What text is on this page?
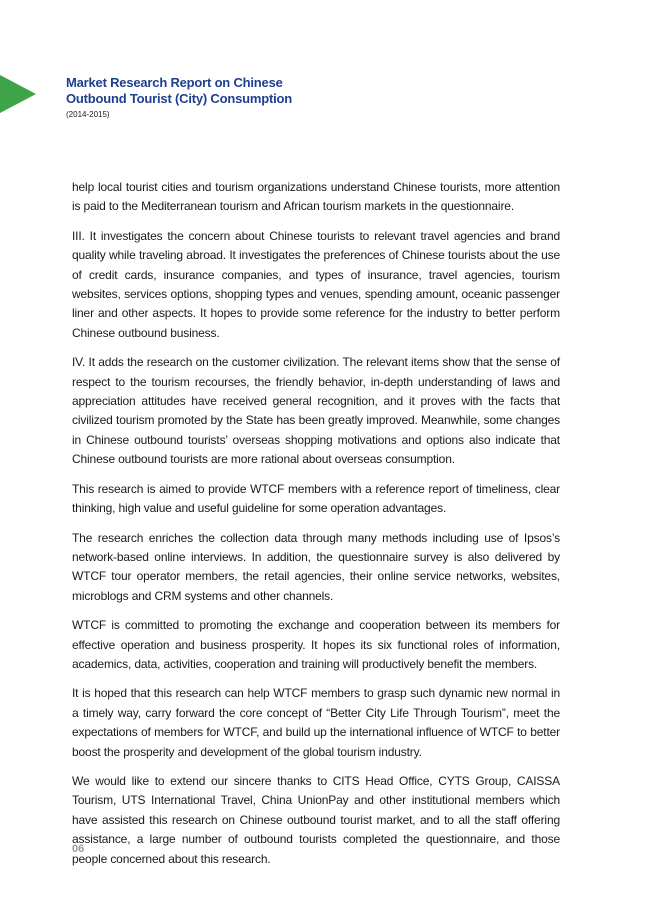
Market Research Report on Chinese
Outbound Tourist (City) Consumption

(2014-2015)

help local tourist cities and tourism organizations understand Chinese tourists, more attention is paid to the Mediterranean tourism and African tourism markets in the questionnaire.

III. It investigates the concern about Chinese tourists to relevant travel agencies and brand quality while traveling abroad. It investigates the preferences of Chinese tourists about the use of credit cards, insurance companies, and types of insurance, travel agencies, tourism websites, services options, shopping types and venues, spending amount, oceanic passenger liner and other aspects. It hopes to provide some reference for the industry to better perform Chinese outbound business.

IV. It adds the research on the customer civilization. The relevant items show that the sense of respect to the tourism recourses, the friendly behavior, in-depth understanding of laws and appreciation attitudes have received general recognition, and it proves with the facts that civilized tourism promoted by the State has been greatly improved. Meanwhile, some changes in Chinese outbound tourists’ overseas shopping motivations and options also indicate that Chinese outbound tourists are more rational about overseas consumption.

This research is aimed to provide WTCF members with a reference report of timeliness, clear thinking, high value and useful guideline for some operation advantages.

The research enriches the collection data through many methods including use of Ipsos’s network-based online interviews. In addition, the questionnaire survey is also delivered by WTCF tour operator members, the retail agencies, their online service networks, websites, microblogs and CRM systems and other channels.

WTCF is committed to promoting the exchange and cooperation between its members for effective operation and business prosperity. It hopes its six functional roles of information, academics, data, activities, cooperation and training will productively benefit the members.

It is hoped that this research can help WTCF members to grasp such dynamic new normal in a timely way, carry forward the core concept of “Better City Life Through Tourism”, meet the expectations of members for WTCF, and build up the international influence of WTCF to better boost the prosperity and development of the global tourism industry.

We would like to extend our sincere thanks to CITS Head Office, CYTS Group, CAISSA Tourism, UTS International Travel, China UnionPay and other institutional members which have assisted this research on Chinese outbound tourist market, and to all the staff offering assistance, a large number of outbound tourists completed the questionnaire, and those people concerned about this research.

06
